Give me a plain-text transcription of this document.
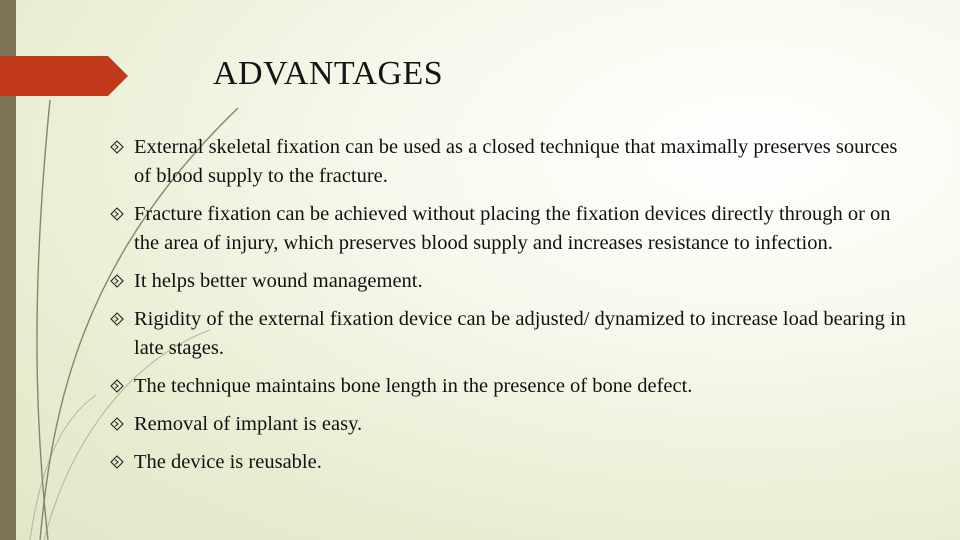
ADVANTAGES
External skeletal fixation can be used as a closed technique that maximally preserves sources of blood supply to the fracture.
Fracture fixation can be achieved without placing the fixation devices directly through or on the area of injury, which preserves blood supply and increases resistance to infection.
It helps better wound management.
Rigidity of the external fixation device can be adjusted/ dynamized to increase load bearing in late stages.
The technique maintains bone length in the presence of bone defect.
Removal of implant is easy.
The device is reusable.
